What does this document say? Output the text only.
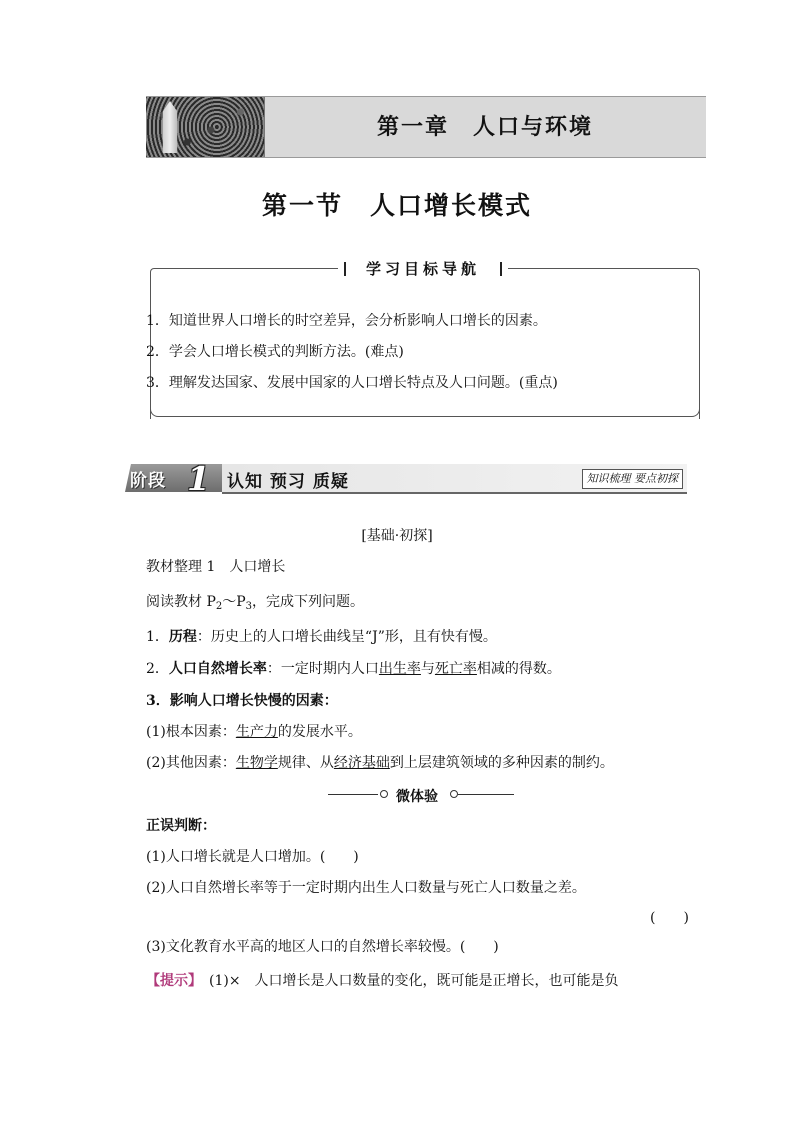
第一章　人口与环境
第一节　人口增长模式
学习目标导航
1．知道世界人口增长的时空差异，会分析影响人口增长的因素。
2．学会人口增长模式的判断方法。(难点)
3．理解发达国家、发展中国家的人口增长特点及人口问题。(重点)
阶段 1 认知 预习 质疑	知识梳理 要点初探
[基础·初探]
教材整理 1　人口增长
阅读教材 $P_2\sim P_3$，完成下列问题。
1．历程：历史上的人口增长曲线呈“J”形，且有快有慢。
2．人口自然增长率：一定时期内人口出生率与死亡率相减的得数。
3．影响人口增长快慢的因素：
(1)根本因素：生产力的发展水平。
(2)其他因素：生物学规律、从经济基础到上层建筑领域的多种因素的制约。
微体验
正误判断：
(1)人口增长就是人口增加。(　　)
(2)人口自然增长率等于一定时期内出生人口数量与死亡人口数量之差。
(　　)
(3)文化教育水平高的地区人口的自然增长率较慢。(　　)
【提示】　(1)×　人口增长是人口数量的变化，既可能是正增长，也可能是负
